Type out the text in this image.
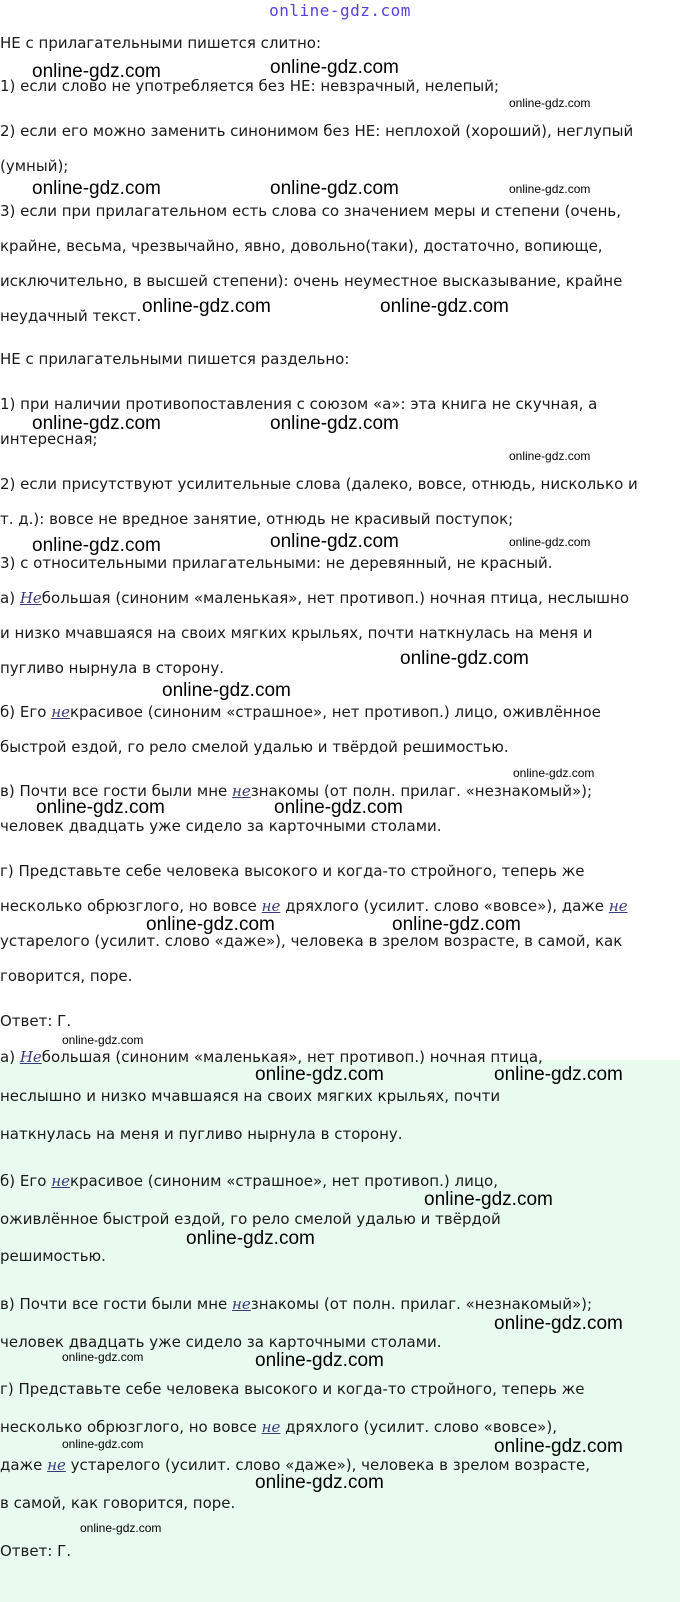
online-gdz.com
НЕ с прилагательными пишется слитно:
1) если слово не употребляется без НЕ: невзрачный, нелепый;
2) если его можно заменить синонимом без НЕ: неплохой (хороший), неглупый
(умный);
3) если при прилагательном есть слова со значением меры и степени (очень,
крайне, весьма, чрезвычайно, явно, довольно(таки), достаточно, вопиюще,
исключительно, в высшей степени): очень неуместное высказывание, крайне
неудачный текст.
НЕ с прилагательными пишется раздельно:
1) при наличии противопоставления с союзом «а»: эта книга не скучная, а
интересная;
2) если присутствуют усилительные слова (далеко, вовсе, отнюдь, нисколько и
т. д.): вовсе не вредное занятие, отнюдь не красивый поступок;
3) с относительными прилагательными: не деревянный, не красный.
а) Небольшая (синоним «маленькая», нет противоп.) ночная птица, неслышно
и низко мчавшаяся на своих мягких крыльях, почти наткнулась на меня и
пугливо нырнула в сторону.
б) Его некрасивое (синоним «страшное», нет противоп.) лицо, оживлённое
быстрой ездой, го рело смелой удалью и твёрдой решимостью.
в) Почти все гости были мне незнакомы (от полн. прилаг. «незнакомый»);
человек двадцать уже сидело за карточными столами.
г) Представьте себе человека высокого и когда-то стройного, теперь же
несколько обрюзглого, но вовсе не дряхлого (усилит. слово «вовсе»), даже не
устарелого (усилит. слово «даже»), человека в зрелом возрасте, в самой, как
говорится, поре.
Ответ: Г.
а) Небольшая (синоним «маленькая», нет противоп.) ночная птица,
неслышно и низко мчавшаяся на своих мягких крыльях, почти
наткнулась на меня и пугливо нырнула в сторону.
б) Его некрасивое (синоним «страшное», нет противоп.) лицо,
оживлённое быстрой ездой, го рело смелой удалью и твёрдой
решимостью.
в) Почти все гости были мне незнакомы (от полн. прилаг. «незнакомый»);
человек двадцать уже сидело за карточными столами.
г) Представьте себе человека высокого и когда-то стройного, теперь же
несколько обрюзглого, но вовсе не дряхлого (усилит. слово «вовсе»),
даже не устарелого (усилит. слово «даже»), человека в зрелом возрасте,
в самой, как говорится, поре.
Ответ: Г.
online-gdz.com	online-gdz.com
online-gdz.com
online-gdz.com	online-gdz.com	online-gdz.com
online-gdz.com	online-gdz.com
online-gdz.com	online-gdz.com
online-gdz.com
online-gdz.com	online-gdz.com	online-gdz.com
online-gdz.com
online-gdz.com
online-gdz.com
online-gdz.com	online-gdz.com
online-gdz.com	online-gdz.com
online-gdz.com
online-gdz.com	online-gdz.com
online-gdz.com
online-gdz.com
online-gdz.com
online-gdz.com	online-gdz.com
online-gdz.com	online-gdz.com
online-gdz.com
online-gdz.com
